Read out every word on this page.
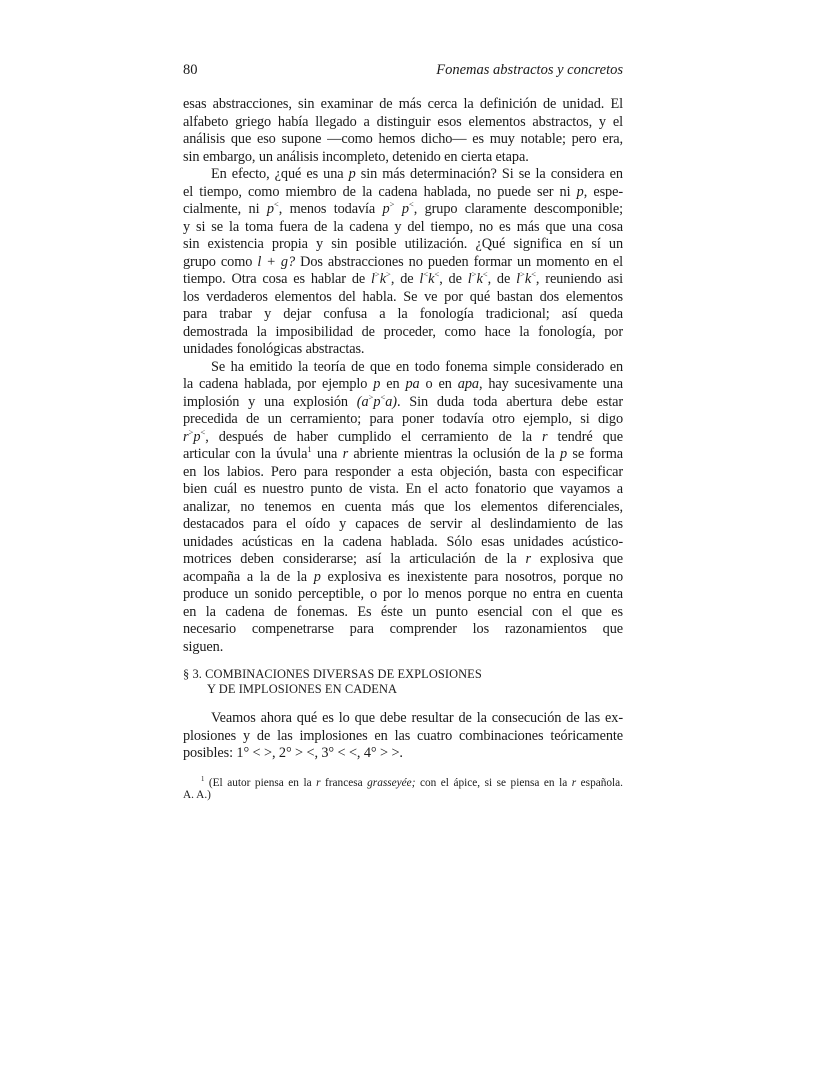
80	Fonemas abstractos y concretos
esas abstracciones, sin examinar de más cerca la definición de unidad. El
alfabeto griego había llegado a distinguir esos elementos abstractos, y el
análisis que eso supone —como hemos dicho— es muy notable; pero era,
sin embargo, un análisis incompleto, detenido en cierta etapa.
En efecto, ¿qué es una p sin más determinación? Si se la considera en
el tiempo, como miembro de la cadena hablada, no puede ser ni p, espe-
cialmente, ni p<, menos todavía p> p<, grupo claramente descomponible;
y si se la toma fuera de la cadena y del tiempo, no es más que una cosa
sin existencia propia y sin posible utilización. ¿Qué significa en sí un
grupo como l + g? Dos abstracciones no pueden formar un momento en el
tiempo. Otra cosa es hablar de l>k>, de l<k<, de l>k<, de l>k<, reuniendo asi
los verdaderos elementos del habla. Se ve por qué bastan dos elementos
para trabar y dejar confusa a la fonología tradicional; así queda
demostrada la imposibilidad de proceder, como hace la fonología, por
unidades fonológicas abstractas.
Se ha emitido la teoría de que en todo fonema simple considerado en
la cadena hablada, por ejemplo p en pa o en apa, hay sucesivamente una
implosión y una explosión (a>p<a). Sin duda toda abertura debe estar
precedida de un cerramiento; para poner todavía otro ejemplo, si digo
r>p<, después de haber cumplido el cerramiento de la r tendré que
articular con la úvula$^1$ una r abriente mientras la oclusión de la p se forma
en los labios. Pero para responder a esta objeción, basta con especificar
bien cuál es nuestro punto de vista. En el acto fonatorio que vayamos a
analizar, no tenemos en cuenta más que los elementos diferenciales,
destacados para el oído y capaces de servir al deslindamiento de las
unidades acústicas en la cadena hablada. Sólo esas unidades acústico-
motrices deben considerarse; así la articulación de la r explosiva que
acompaña a la de la p explosiva es inexistente para nosotros, porque no
produce un sonido perceptible, o por lo menos porque no entra en cuenta
en la cadena de fonemas. Es éste un punto esencial con el que es
necesario compenetrarse para comprender los razonamientos que
siguen.
§ 3. COMBINACIONES DIVERSAS DE EXPLOSIONES
Y DE IMPLOSIONES EN CADENA
Veamos ahora qué es lo que debe resultar de la consecución de las ex-
plosiones y de las implosiones en las cuatro combinaciones teóricamente
posibles: 1° < >, 2° > <, 3° < <, 4° > >.
$^1$ (El autor piensa en la r francesa grasseyée; con el ápice, si se piensa en la r española.
A. A.)
